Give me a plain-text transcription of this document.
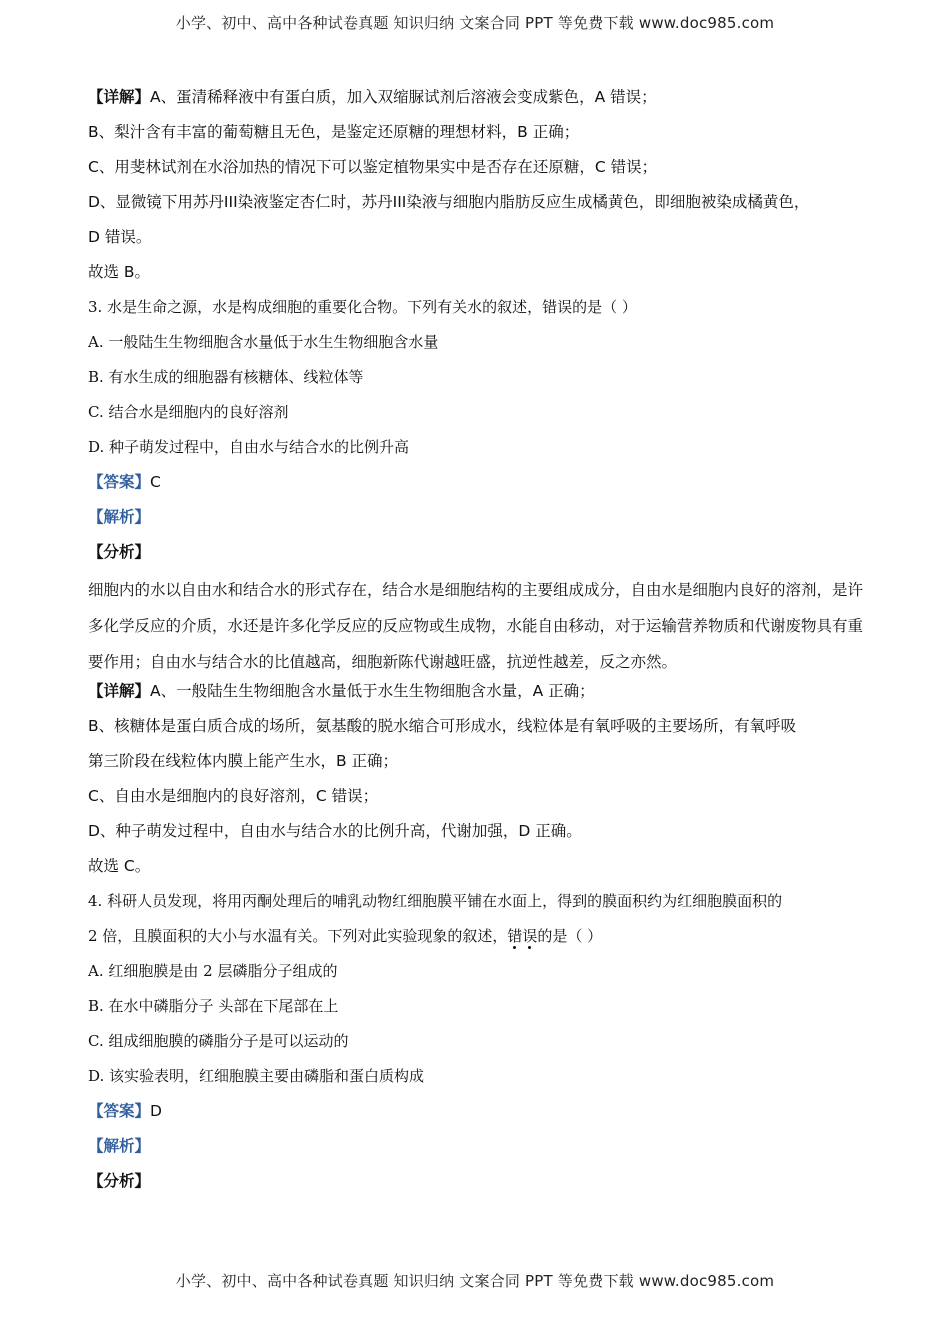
小学、初中、高中各种试卷真题 知识归纳 文案合同 PPT 等免费下载 www.doc985.com

【详解】A、蛋清稀释液中有蛋白质，加入双缩脲试剂后溶液会变成紫色，A 错误；

B、梨汁含有丰富的葡萄糖且无色，是鉴定还原糖的理想材料，B 正确；

C、用斐林试剂在水浴加热的情况下可以鉴定植物果实中是否存在还原糖，C 错误；

D、显微镜下用苏丹III染液鉴定杏仁时，苏丹III染液与细胞内脂肪反应生成橘黄色，即细胞被染成橘黄色，

D 错误。

故选 B。

3. 水是生命之源，水是构成细胞的重要化合物。下列有关水的叙述，错误的是（ ）

A. 一般陆生生物细胞含水量低于水生生物细胞含水量

B. 有水生成的细胞器有核糖体、线粒体等

C. 结合水是细胞内的良好溶剂

D. 种子萌发过程中，自由水与结合水的比例升高

【答案】C

【解析】

【分析】

细胞内的水以自由水和结合水的形式存在，结合水是细胞结构的主要组成成分，自由水是细胞内良好的溶剂，是许多化学反应的介质，水还是许多化学反应的反应物或生成物，水能自由移动，对于运输营养物质和代谢废物具有重要作用；自由水与结合水的比值越高，细胞新陈代谢越旺盛，抗逆性越差，反之亦然。

【详解】A、一般陆生生物细胞含水量低于水生生物细胞含水量，A 正确；

B、核糖体是蛋白质合成的场所，氨基酸的脱水缩合可形成水，线粒体是有氧呼吸的主要场所，有氧呼吸

第三阶段在线粒体内膜上能产生水，B 正确；

C、自由水是细胞内的良好溶剂，C 错误；

D、种子萌发过程中，自由水与结合水的比例升高，代谢加强，D 正确。

故选 C。

4. 科研人员发现，将用丙酮处理后的哺乳动物红细胞膜平铺在水面上，得到的膜面积约为红细胞膜面积的

2 倍，且膜面积的大小与水温有关。下列对此实验现象的叙述，错误的是（ ）

A. 红细胞膜是由 2 层磷脂分子组成的

B. 在水中磷脂分子 头部在下尾部在上

C. 组成细胞膜的磷脂分子是可以运动的

D. 该实验表明，红细胞膜主要由磷脂和蛋白质构成

【答案】D

【解析】

【分析】

小学、初中、高中各种试卷真题 知识归纳 文案合同 PPT 等免费下载 www.doc985.com
